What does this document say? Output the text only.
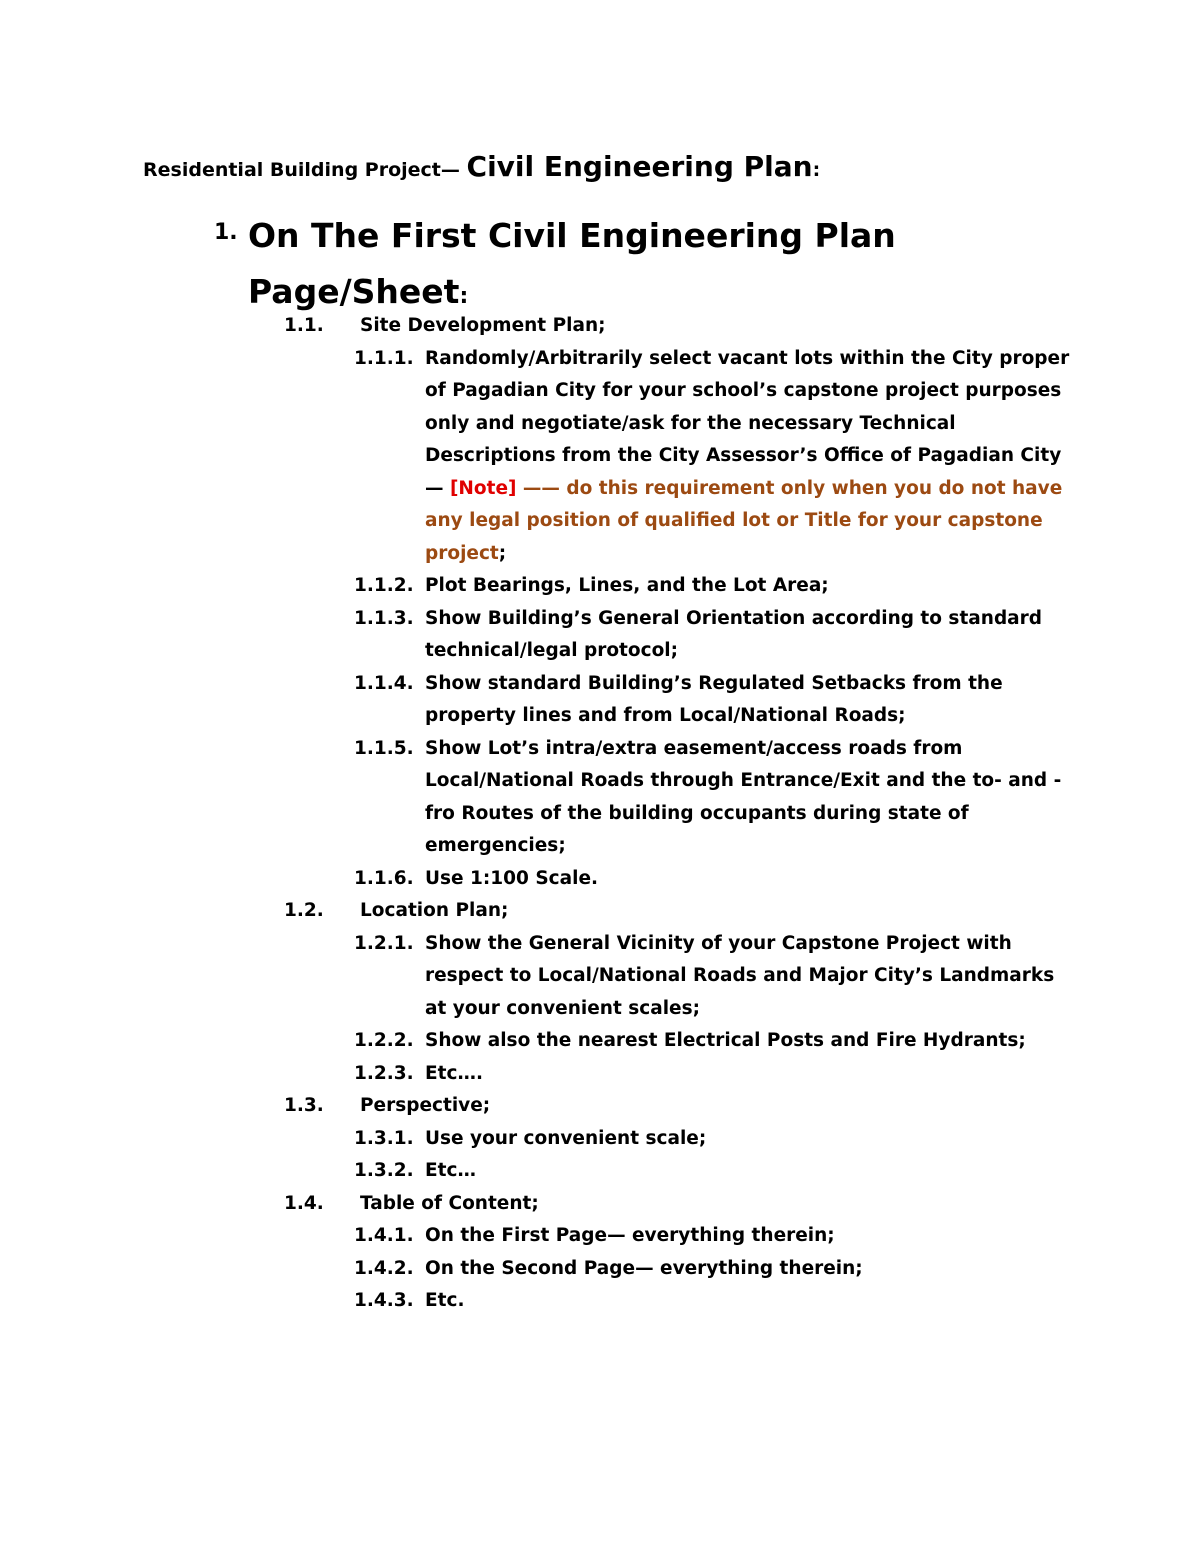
Residential Building Project— Civil Engineering Plan:
1. On The First Civil Engineering Plan Page/Sheet:
1.1. Site Development Plan;
1.1.1. Randomly/Arbitrarily select vacant lots within the City proper of Pagadian City for your school’s capstone project purposes only and negotiate/ask for the necessary Technical Descriptions from the City Assessor’s Office of Pagadian City— [Note] —— do this requirement only when you do not have any legal position of qualified lot or Title for your capstone project;
1.1.2. Plot Bearings, Lines, and the Lot Area;
1.1.3. Show Building’s General Orientation according to standard technical/legal protocol;
1.1.4. Show standard Building’s Regulated Setbacks from the property lines and from Local/National Roads;
1.1.5. Show Lot’s intra/extra easement/access roads from Local/National Roads through Entrance/Exit and the to- and -fro Routes of the building occupants during state of emergencies;
1.1.6. Use 1:100 Scale.
1.2. Location Plan;
1.2.1. Show the General Vicinity of your Capstone Project with respect to Local/National Roads and Major City’s Landmarks at your convenient scales;
1.2.2. Show also the nearest Electrical Posts and Fire Hydrants;
1.2.3. Etc….
1.3. Perspective;
1.3.1. Use your convenient scale;
1.3.2. Etc…
1.4. Table of Content;
1.4.1. On the First Page— everything therein;
1.4.2. On the Second Page— everything therein;
1.4.3. Etc.
